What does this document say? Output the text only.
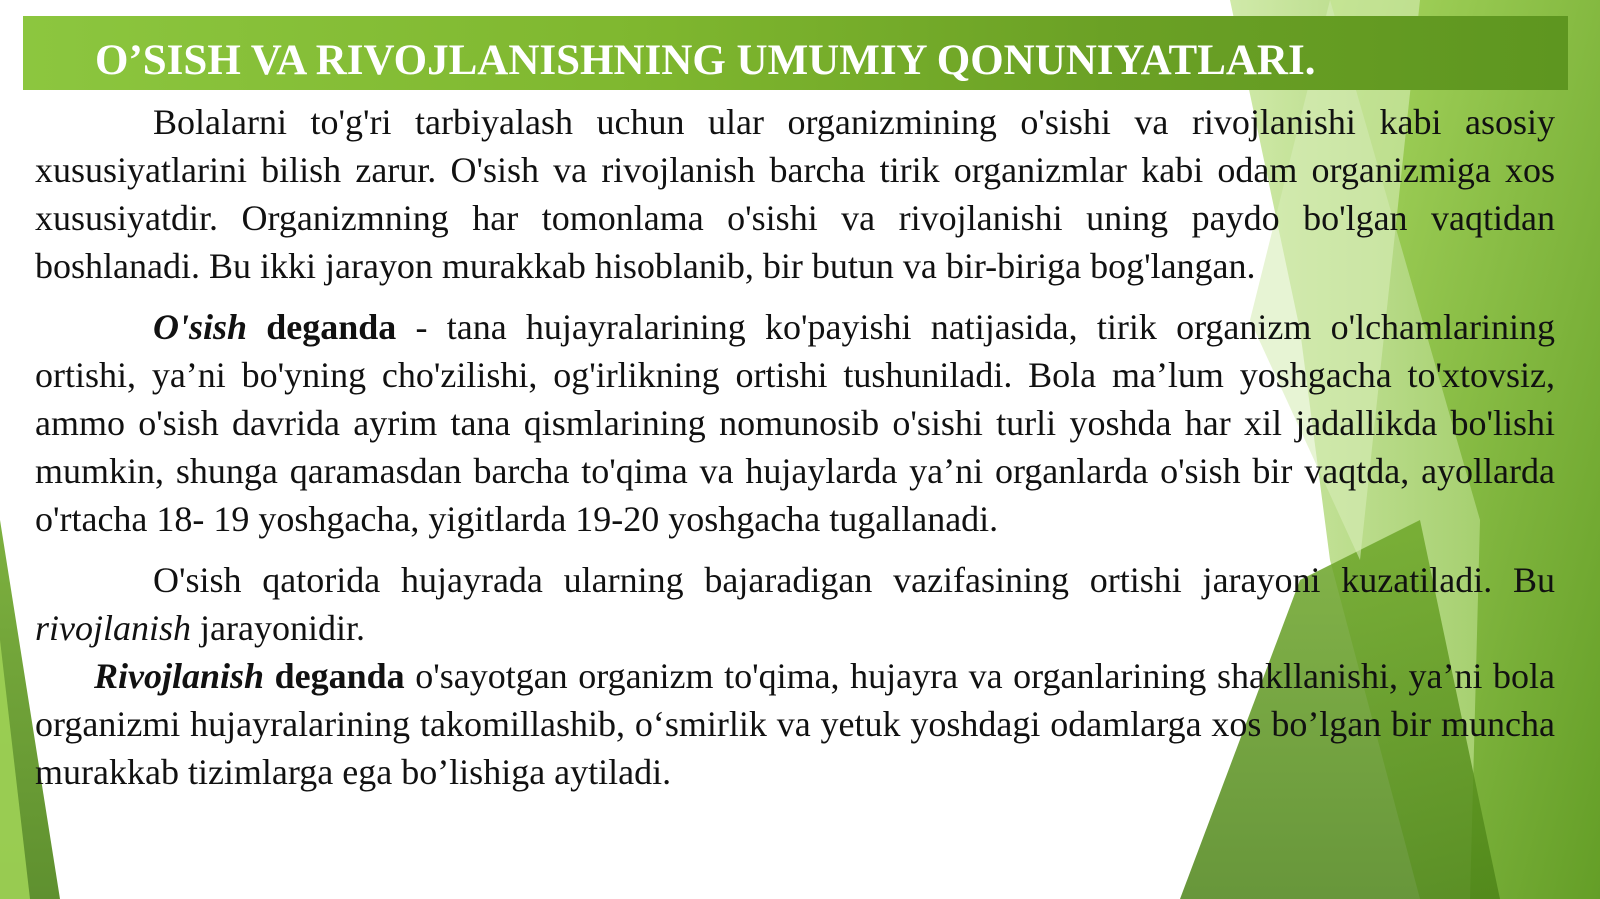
O’SISH VA RIVOJLANISHNING UMUMIY QONUNIYATLARI.

Bolalarni to'g'ri tarbiyalash uchun ular organizmining o'sishi va rivojlanishi kabi asosiy xususiyatlarini bilish zarur. O'sish va rivojlanish barcha tirik organizmlar kabi odam organizmiga xos xususiyatdir. Organizmning har tomonlama o'sishi va rivojlanishi uning paydo bo'lgan vaqtidan boshlanadi. Bu ikki jarayon murakkab hisoblanib, bir butun va bir-biriga bog'langan.

O'sish deganda - tana hujayralarining ko'payishi natijasida, tirik organizm o'lchamlarining ortishi, ya’ni bo'yning cho'zilishi, og'irlikning ortishi tushuniladi. Bola ma’lum yoshgacha to'xtovsiz, ammo o'sish davrida ayrim tana qismlarining nomunosib o'sishi turli yoshda har xil jadallikda bo'lishi mumkin, shunga qaramasdan barcha to'qima va hujaylarda ya’ni organlarda o'sish bir vaqtda, ayollarda o'rtacha 18- 19 yoshgacha, yigitlarda 19-20 yoshgacha tugallanadi.

O'sish qatorida hujayrada ularning bajaradigan vazifasining ortishi jarayoni kuzatiladi. Bu rivojlanish jarayonidir.

Rivojlanish deganda o'sayotgan organizm to'qima, hujayra va organlarining shakllanishi, ya’ni bola organizmi hujayralarining takomillashib, o‘smirlik va yetuk yoshdagi odamlarga xos bo’lgan bir muncha murakkab tizimlarga ega bo’lishiga aytiladi.
